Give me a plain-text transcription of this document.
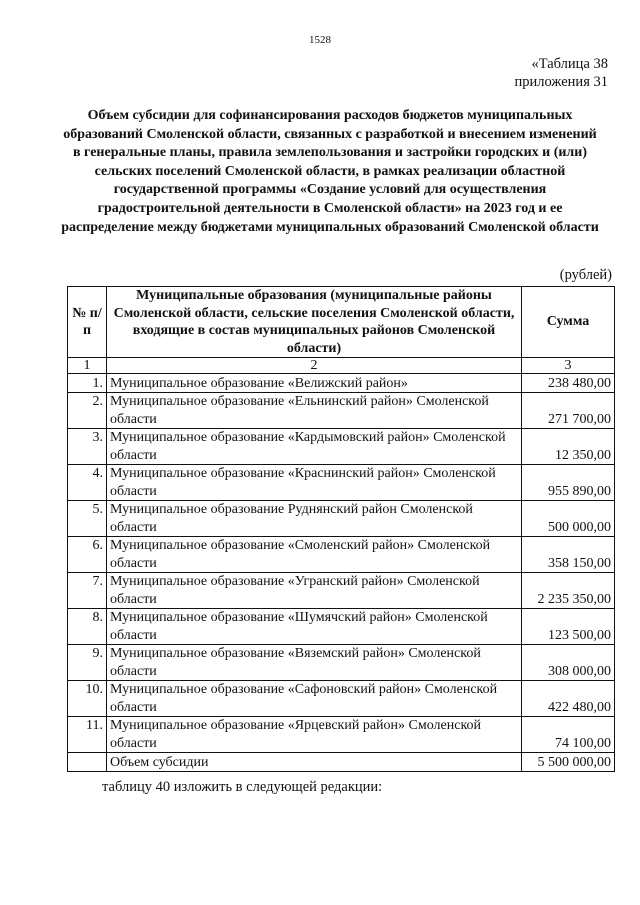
1528
«Таблица 38
приложения 31
Объем субсидии для софинансирования расходов бюджетов муниципальных образований Смоленской области, связанных с разработкой и внесением изменений в генеральные планы, правила землепользования и застройки городских и (или) сельских поселений Смоленской области, в рамках реализации областной государственной программы «Создание условий для осуществления градостроительной деятельности в Смоленской области» на 2023 год и ее распределение между бюджетами муниципальных образований Смоленской области
(рублей)
№ п/п	Муниципальные образования (муниципальные районы Смоленской области, сельские поселения Смоленской области, входящие в состав муниципальных районов Смоленской области)	Сумма
1	2	3
1.	Муниципальное образование «Велижский район»	238 480,00
2.	Муниципальное образование «Ельнинский район» Смоленской области	271 700,00
3.	Муниципальное образование «Кардымовский район» Смоленской области	12 350,00
4.	Муниципальное образование «Краснинский район» Смоленской области	955 890,00
5.	Муниципальное образование Руднянский район Смоленской области	500 000,00
6.	Муниципальное образование «Смоленский район» Смоленской области	358 150,00
7.	Муниципальное образование «Угранский район» Смоленской области	2 235 350,00
8.	Муниципальное образование «Шумячский район» Смоленской области	123 500,00
9.	Муниципальное образование «Вяземский район» Смоленской области	308 000,00
10.	Муниципальное образование «Сафоновский район» Смоленской области	422 480,00
11.	Муниципальное образование «Ярцевский район» Смоленской области	74 100,00
	Объем субсидии	5 500 000,00
таблицу 40 изложить в следующей редакции:
